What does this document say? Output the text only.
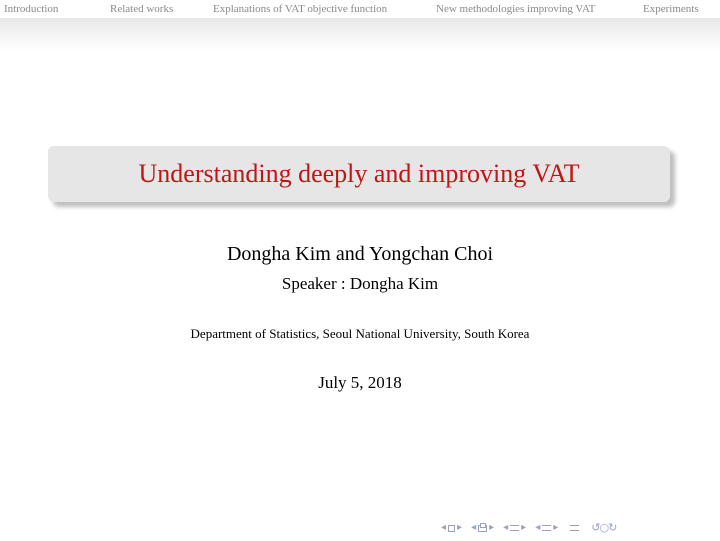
Introduction	Related works	Explanations of VAT objective function	New methodologies improving VAT	Experiments
Understanding deeply and improving VAT
Dongha Kim and Yongchan Choi
Speaker : Dongha Kim
Department of Statistics, Seoul National University, South Korea
July 5, 2018
◂ ▸ ◂ ▸ ◂ ▸ ◂ ▸	↺○↻
